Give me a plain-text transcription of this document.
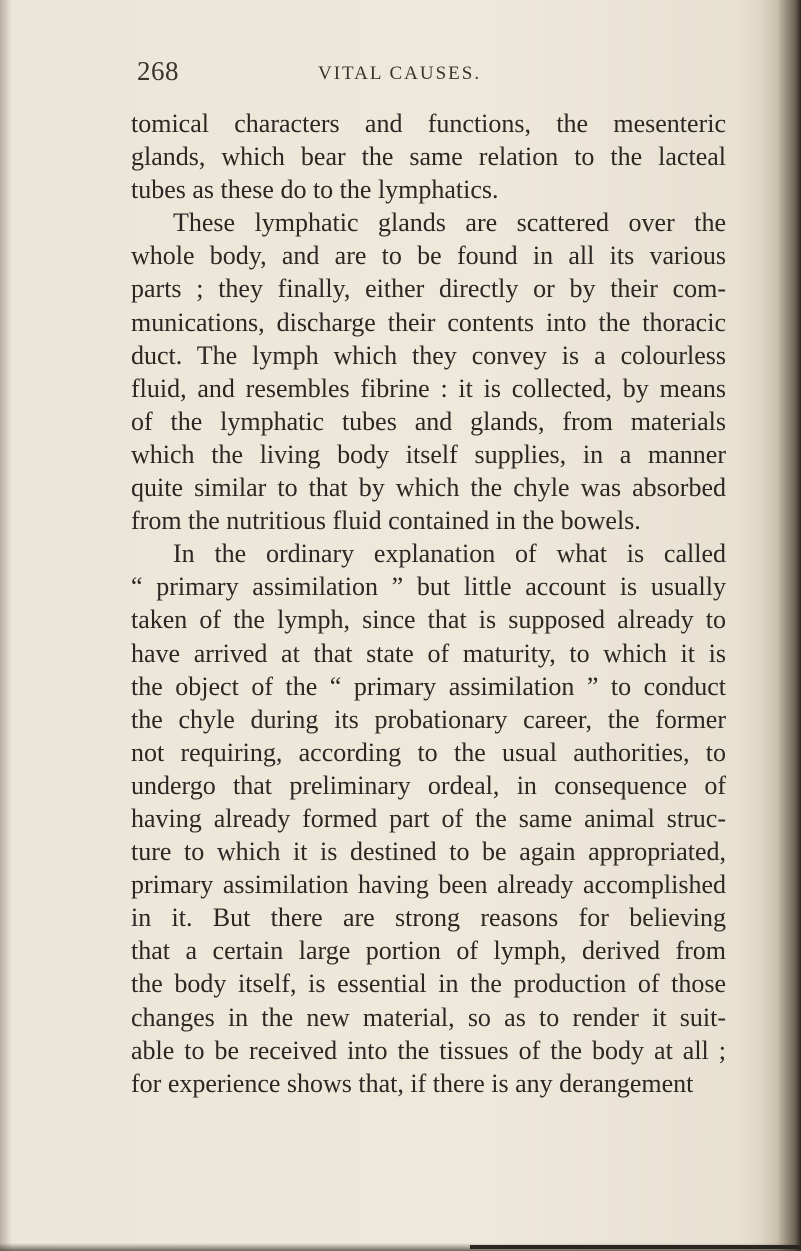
268	VITAL CAUSES.
tomical characters and functions, the mesenteric
glands, which bear the same relation to the lacteal
tubes as these do to the lymphatics.
These lymphatic glands are scattered over the
whole body, and are to be found in all its various
parts ; they finally, either directly or by their com-
munications, discharge their contents into the thoracic
duct. The lymph which they convey is a colourless
fluid, and resembles fibrine : it is collected, by means
of the lymphatic tubes and glands, from materials
which the living body itself supplies, in a manner
quite similar to that by which the chyle was absorbed
from the nutritious fluid contained in the bowels.
In the ordinary explanation of what is called
“ primary assimilation ” but little account is usually
taken of the lymph, since that is supposed already to
have arrived at that state of maturity, to which it is
the object of the “ primary assimilation ” to conduct
the chyle during its probationary career, the former
not requiring, according to the usual authorities, to
undergo that preliminary ordeal, in consequence of
having already formed part of the same animal struc-
ture to which it is destined to be again appropriated,
primary assimilation having been already accomplished
in it. But there are strong reasons for believing
that a certain large portion of lymph, derived from
the body itself, is essential in the production of those
changes in the new material, so as to render it suit-
able to be received into the tissues of the body at all ;
for experience shows that, if there is any derangement
